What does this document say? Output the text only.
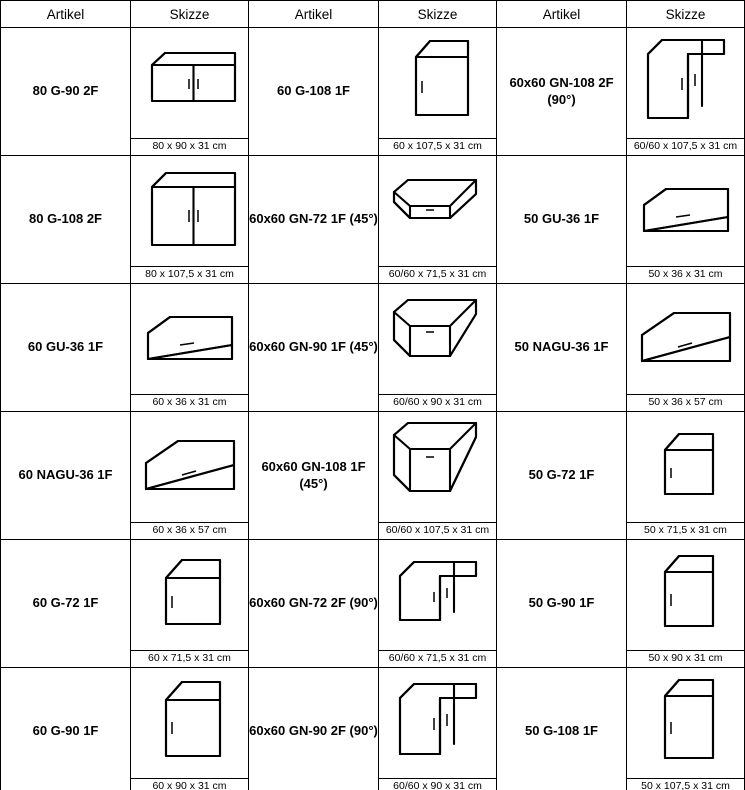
Artikel	Skizze	Artikel	Skizze	Artikel	Skizze
80 G-90 2F	80 x 90 x 31 cm	60 G-108 1F	60 x 107,5 x 31 cm	60x60 GN-108 2F (90°)	60/60 x 107,5 x 31 cm

80 G-108 2F	80 x 107,5 x 31 cm	60x60 GN-72 1F (45°)	60/60 x 71,5 x 31 cm	50 GU-36 1F	50 x 36 x 31 cm

60 GU-36 1F	60 x 36 x 31 cm	60x60 GN-90 1F (45°)	60/60 x 90 x 31 cm	50 NAGU-36 1F	50 x 36 x 57 cm

60 NAGU-36 1F	60 x 36 x 57 cm	60x60 GN-108 1F (45°)	60/60 x 107,5 x 31 cm	50 G-72 1F	50 x 71,5 x 31 cm

60 G-72 1F	60 x 71,5 x 31 cm	60x60 GN-72 2F (90°)	60/60 x 71,5 x 31 cm	50 G-90 1F	50 x 90 x 31 cm

60 G-90 1F	60 x 90 x 31 cm	60x60 GN-90 2F (90°)	60/60 x 90 x 31 cm	50 G-108 1F	50 x 107,5 x 31 cm
